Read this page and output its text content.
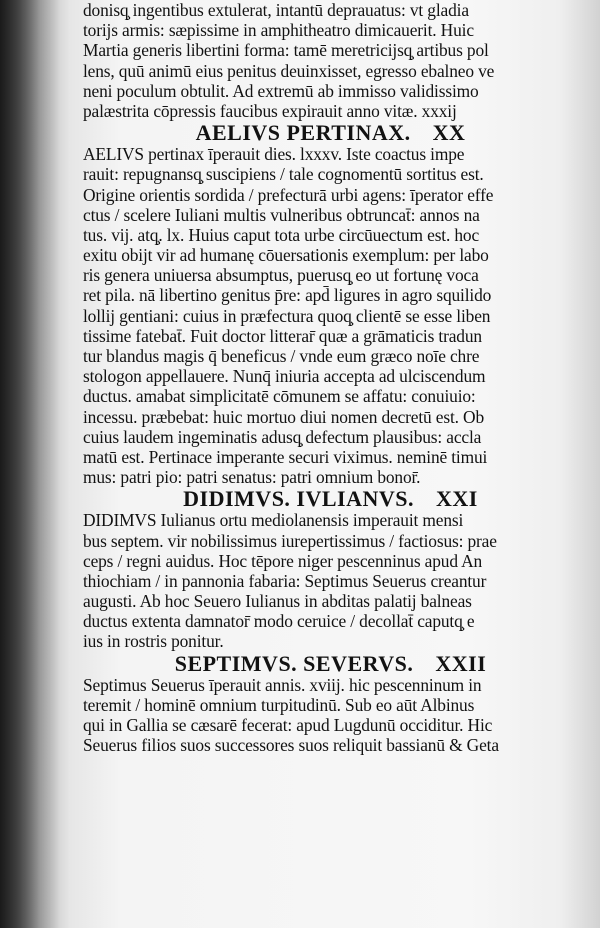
donisq̧ ingentibus extulerat, intantū deprauatus: vt gladia
torijs armis: sæpissime in amphitheatro dimicauerit. Huic
Martia generis libertini forma: tamē meretricijsq̧ artibus pol
lens, quū animū eius penitus deuinxisset, egresso ebalneo ve
neni poculum obtulit. Ad extremū ab immisso validissimo
palæstrita cōpressis faucibus expirauit anno vitæ. xxxij
AELIVS PERTINAX. XX
AELIVS pertinax īperauit dies. lxxxv. Iste coactus impe
rauit: repugnansq̧ suscipiens / tale cognomentū sortitus est.
Origine orientis sordida / prefecturā urbi agens: īperator effe
ctus / scelere Iuliani multis vulneribus obtruncat̄: annos na
tus. vij. atq̧. lx. Huius caput tota urbe circūuectum est. hoc
exitu obijt vir ad humanę cōuersationis exemplum: per labo
ris genera uniuersa absumptus, puerusq̧ eo ut fortunę voca
ret pila. nā libertino genitus p̄re: apd̄ ligures in agro squilido
lollij gentiani: cuius in præfectura quoq̧ clientē se esse liben
tissime fatebat̄. Fuit doctor litterar̄ quæ a grāmaticis tradun
tur blandus magis q̄ beneficus / vnde eum græco noīe chre
stologon appellauere. Nunq̄ iniuria accepta ad ulciscendum
ductus. amabat simplicitatē cōmunem se affatu: conuiuio:
incessu. præbebat: huic mortuo diui nomen decretū est. Ob
cuius laudem ingeminatis adusq̧ defectum plausibus: accla
matū est. Pertinace imperante securi viximus. neminē timui
mus: patri pio: patri senatus: patri omnium bonor̄.
DIDIMVS. IVLIANVS. XXI
DIDIMVS Iulianus ortu mediolanensis imperauit mensi
bus septem. vir nobilissimus iurepertissimus / factiosus: prae
ceps / regni auidus. Hoc tēpore niger pescenninus apud An
thiochiam / in pannonia fabaria: Septimus Seuerus creantur
augusti. Ab hoc Seuero Iulianus in abditas palatij balneas
ductus extenta damnator̄ modo ceruice / decollat̄ caputq̧ e
ius in rostris ponitur.
SEPTIMVS. SEVERVS. XXII
Septimus Seuerus īperauit annis. xviij. hic pescenninum in
teremit / hominē omnium turpitudinū. Sub eo aūt Albinus
qui in Gallia se cæsarē fecerat: apud Lugdunū occiditur. Hic
Seuerus filios suos successores suos reliquit bassianū & Geta
